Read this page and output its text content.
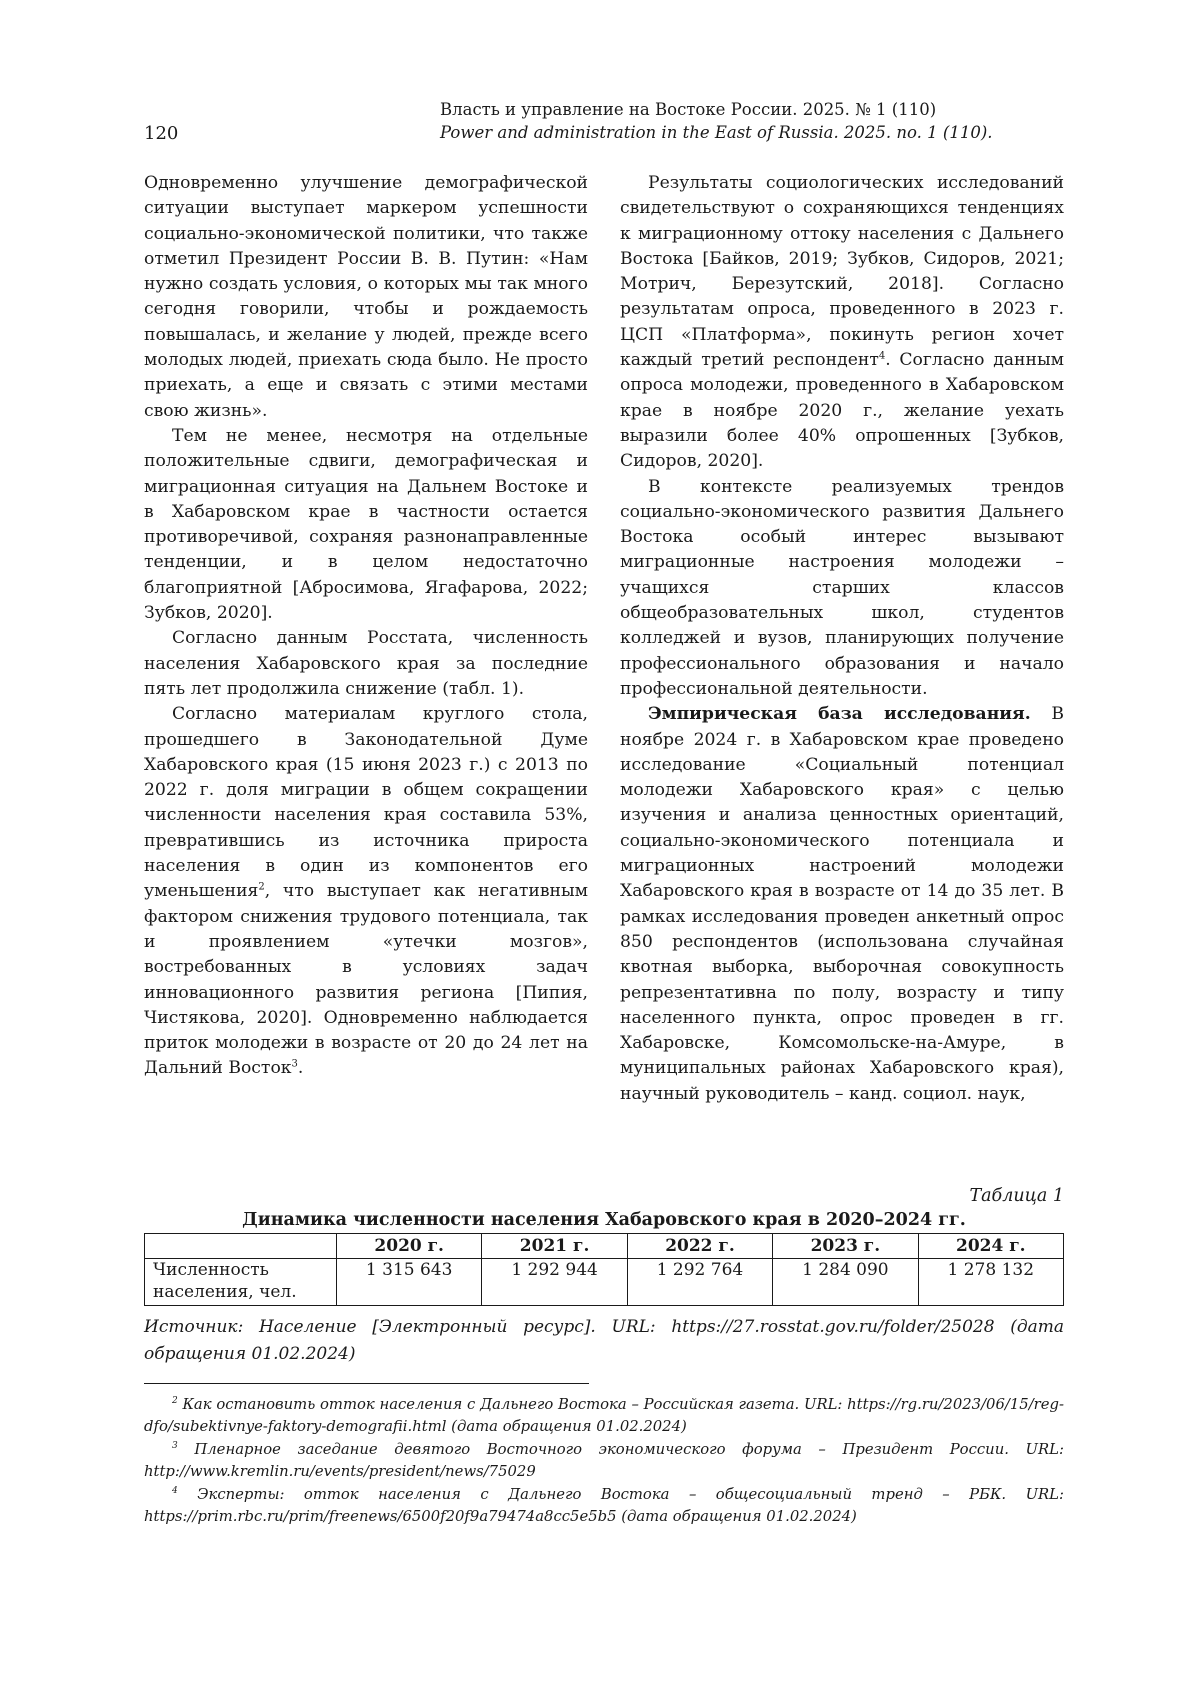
120
Власть и управление на Востоке России. 2025. № 1 (110)
Power and administration in the East of Russia. 2025. no. 1 (110).

Одновременно улучшение демографической ситуации выступает маркером успешности социально-экономической политики, что также отметил Президент России В. В. Путин: «Нам нужно создать условия, о которых мы так много сегодня говорили, чтобы и рождаемость повышалась, и желание у людей, прежде всего молодых людей, приехать сюда было. Не просто приехать, а еще и связать с этими местами свою жизнь».

Тем не менее, несмотря на отдельные положительные сдвиги, демографическая и миграционная ситуация на Дальнем Востоке и в Хабаровском крае в частности остается противоречивой, сохраняя разнонаправленные тенденции, и в целом недостаточно благоприятной [Абросимова, Ягафарова, 2022; Зубков, 2020].

Согласно данным Росстата, численность населения Хабаровского края за последние пять лет продолжила снижение (табл. 1).

Согласно материалам круглого стола, прошедшего в Законодательной Думе Хабаровского края (15 июня 2023 г.) с 2013 по 2022 г. доля миграции в общем сокращении численности населения края составила 53%, превратившись из источника прироста населения в один из компонентов его уменьшения$^2$, что выступает как негативным фактором снижения трудового потенциала, так и проявлением «утечки мозгов», востребованных в условиях задач инновационного развития региона [Пипия, Чистякова, 2020]. Одновременно наблюдается приток молодежи в возрасте от 20 до 24 лет на Дальний Восток$^3$.

Результаты социологических исследований свидетельствуют о сохраняющихся тенденциях к миграционному оттоку населения с Дальнего Востока [Байков, 2019; Зубков, Сидоров, 2021; Мотрич, Березутский, 2018]. Согласно результатам опроса, проведенного в 2023 г. ЦСП «Платформа», покинуть регион хочет каждый третий респондент$^4$. Согласно данным опроса молодежи, проведенного в Хабаровском крае в ноябре 2020 г., желание уехать выразили более 40% опрошенных [Зубков, Сидоров, 2020].

В контексте реализуемых трендов социально-экономического развития Дальнего Востока особый интерес вызывают миграционные настроения молодежи – учащихся старших классов общеобразовательных школ, студентов колледжей и вузов, планирующих получение профессионального образования и начало профессиональной деятельности.

Эмпирическая база исследования. В ноябре 2024 г. в Хабаровском крае проведено исследование «Социальный потенциал молодежи Хабаровского края» с целью изучения и анализа ценностных ориентаций, социально-экономического потенциала и миграционных настроений молодежи Хабаровского края в возрасте от 14 до 35 лет. В рамках исследования проведен анкетный опрос 850 респондентов (использована случайная квотная выборка, выборочная совокупность репрезентативна по полу, возрасту и типу населенного пункта, опрос проведен в гг. Хабаровске, Комсомольске-на-Амуре, в муниципальных районах Хабаровского края), научный руководитель – канд. социол. наук,

Таблица 1
Динамика численности населения Хабаровского края в 2020–2024 гг.
	2020 г.	2021 г.	2022 г.	2023 г.	2024 г.
Численность населения, чел.	1 315 643	1 292 944	1 292 764	1 284 090	1 278 132
Источник: Население [Электронный ресурс]. URL: https://27.rosstat.gov.ru/folder/25028 (дата обращения 01.02.2024)

$^2$ Как остановить отток населения с Дальнего Востока – Российская газета. URL: https://rg.ru/2023/06/15/reg-dfo/subektivnye-faktory-demografii.html (дата обращения 01.02.2024)

$^3$ Пленарное заседание девятого Восточного экономического форума – Президент России. URL: http://www.kremlin.ru/events/president/news/75029

$^4$ Эксперты: отток населения с Дальнего Востока – общесоциальный тренд – РБК. URL: https://prim.rbc.ru/prim/freenews/6500f20f9a79474a8cc5e5b5 (дата обращения 01.02.2024)
